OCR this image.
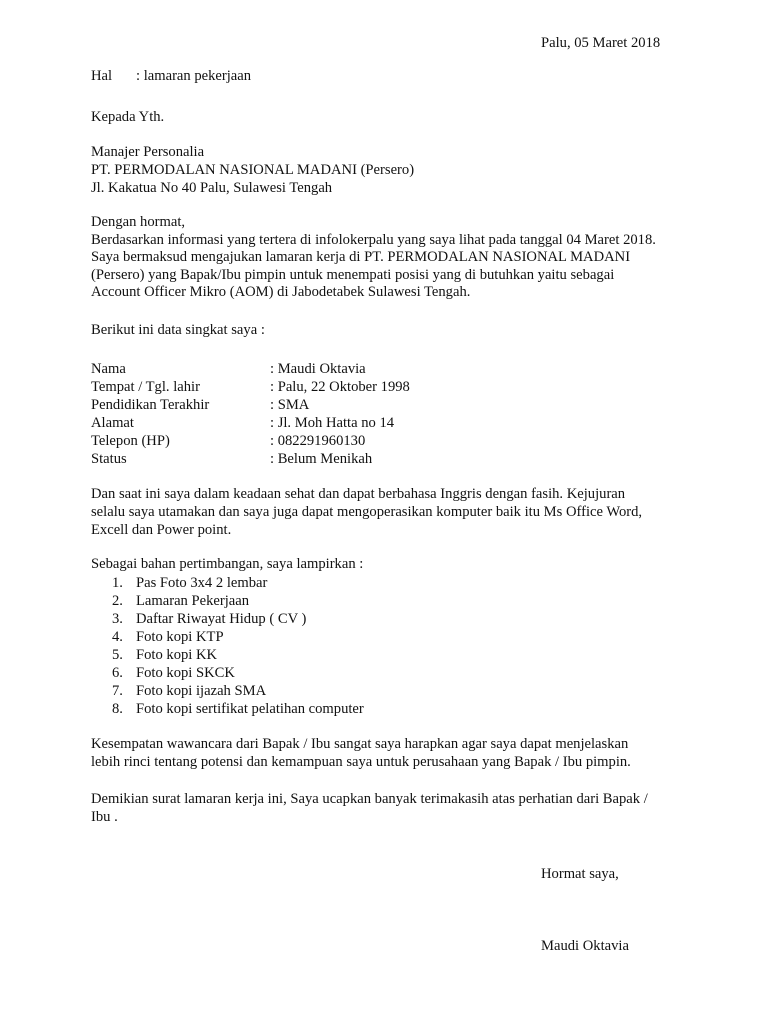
Palu, 05 Maret 2018
Hal : lamaran pekerjaan
Kepada Yth.
Manajer Personalia
PT. PERMODALAN NASIONAL MADANI (Persero)
Jl. Kakatua No 40 Palu, Sulawesi Tengah
Dengan hormat,
Berdasarkan informasi yang tertera di infolokerpalu yang saya lihat pada tanggal 04 Maret 2018.
Saya bermaksud mengajukan lamaran kerja di PT. PERMODALAN NASIONAL MADANI
(Persero) yang Bapak/Ibu pimpin untuk menempati posisi yang di butuhkan yaitu sebagai
Account Officer Mikro (AOM) di Jabodetabek Sulawesi Tengah.
Berikut ini data singkat saya :
Nama	: Maudi Oktavia
Tempat / Tgl. lahir	: Palu, 22 Oktober 1998
Pendidikan Terakhir	: SMA
Alamat	: Jl. Moh Hatta no 14
Telepon (HP)	: 082291960130
Status	: Belum Menikah
Dan saat ini saya dalam keadaan sehat dan dapat berbahasa Inggris dengan fasih. Kejujuran
selalu saya utamakan dan saya juga dapat mengoperasikan komputer baik itu Ms Office Word,
Excell dan Power point.
Sebagai bahan pertimbangan, saya lampirkan :
1. Pas Foto 3x4 2 lembar
2. Lamaran Pekerjaan
3. Daftar Riwayat Hidup ( CV )
4. Foto kopi KTP
5. Foto kopi KK
6. Foto kopi SKCK
7. Foto kopi ijazah SMA
8. Foto kopi sertifikat pelatihan computer
Kesempatan wawancara dari Bapak / Ibu sangat saya harapkan agar saya dapat menjelaskan
lebih rinci tentang potensi dan kemampuan saya untuk perusahaan yang Bapak / Ibu pimpin.
Demikian surat lamaran kerja ini, Saya ucapkan banyak terimakasih atas perhatian dari Bapak /
Ibu .
Hormat saya,
Maudi Oktavia
